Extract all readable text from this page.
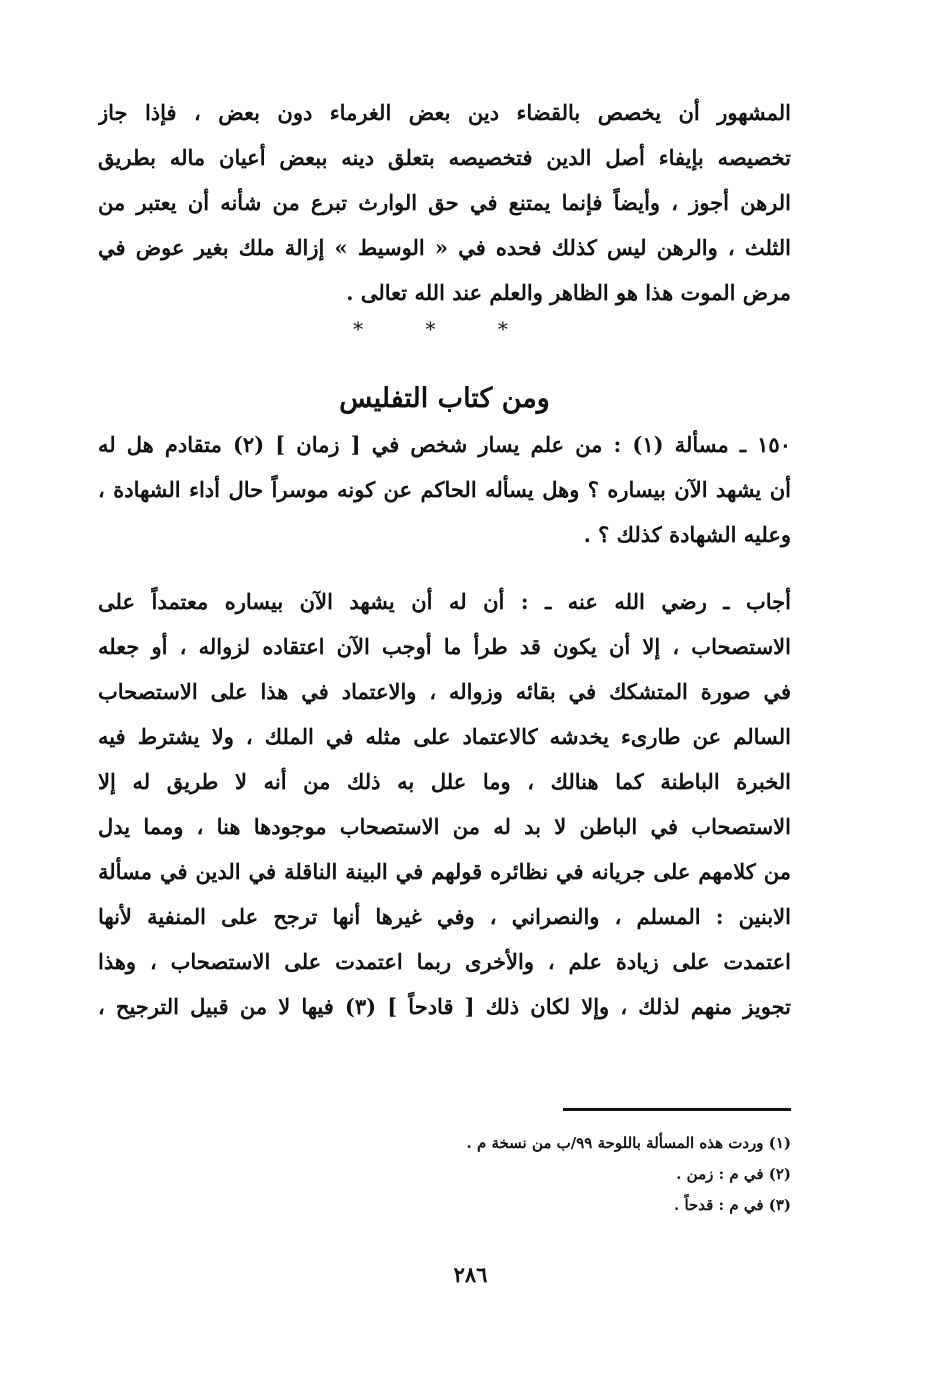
المشهور أن يخصص بالقضاء دين بعض الغرماء دون بعض ، فإذا جاز
تخصيصه بإيفاء أصل الدين فتخصيصه بتعلق دينه ببعض أعيان ماله بطريق
الرهن أجوز ، وأيضاً فإنما يمتنع في حق الوارث تبرع من شأنه أن يعتبر من
الثلث ، والرهن ليس كذلك فحده في « الوسيط » إزالة ملك بغير عوض في
مرض الموت هذا هو الظاهر والعلم عند الله تعالى .
* * *
ومن كتاب التفليس
١٥٠ ـ مسألة (١) : من علم يسار شخص في [ زمان ] (٢) متقادم هل له
أن يشهد الآن بيساره ؟ وهل يسأله الحاكم عن كونه موسراً حال أداء الشهادة ،
وعليه الشهادة كذلك ؟ .
أجاب ـ رضي الله عنه ـ : أن له أن يشهد الآن بيساره معتمداً على
الاستصحاب ، إلا أن يكون قد طرأ ما أوجب الآن اعتقاده لزواله ، أو جعله
في صورة المتشكك في بقائه وزواله ، والاعتماد في هذا على الاستصحاب
السالم عن طارىء يخدشه كالاعتماد على مثله في الملك ، ولا يشترط فيه
الخبرة الباطنة كما هنالك ، وما علل به ذلك من أنه لا طريق له إلا
الاستصحاب في الباطن لا بد له من الاستصحاب موجودها هنا ، ومما يدل
من كلامهم على جريانه في نظائره قولهم في البينة الناقلة في الدين في مسألة
الابنين : المسلم ، والنصراني ، وفي غيرها أنها ترجح على المنفية لأنها
اعتمدت على زيادة علم ، والأخرى ربما اعتمدت على الاستصحاب ، وهذا
تجويز منهم لذلك ، وإلا لكان ذلك [ قادحاً ] (٣) فيها لا من قبيل الترجيح ،
(١) وردت هذه المسألة باللوحة ٩٩/ب من نسخة م .
(٢) في م : زمن .
(٣) في م : قدحاً .
٢٨٦
